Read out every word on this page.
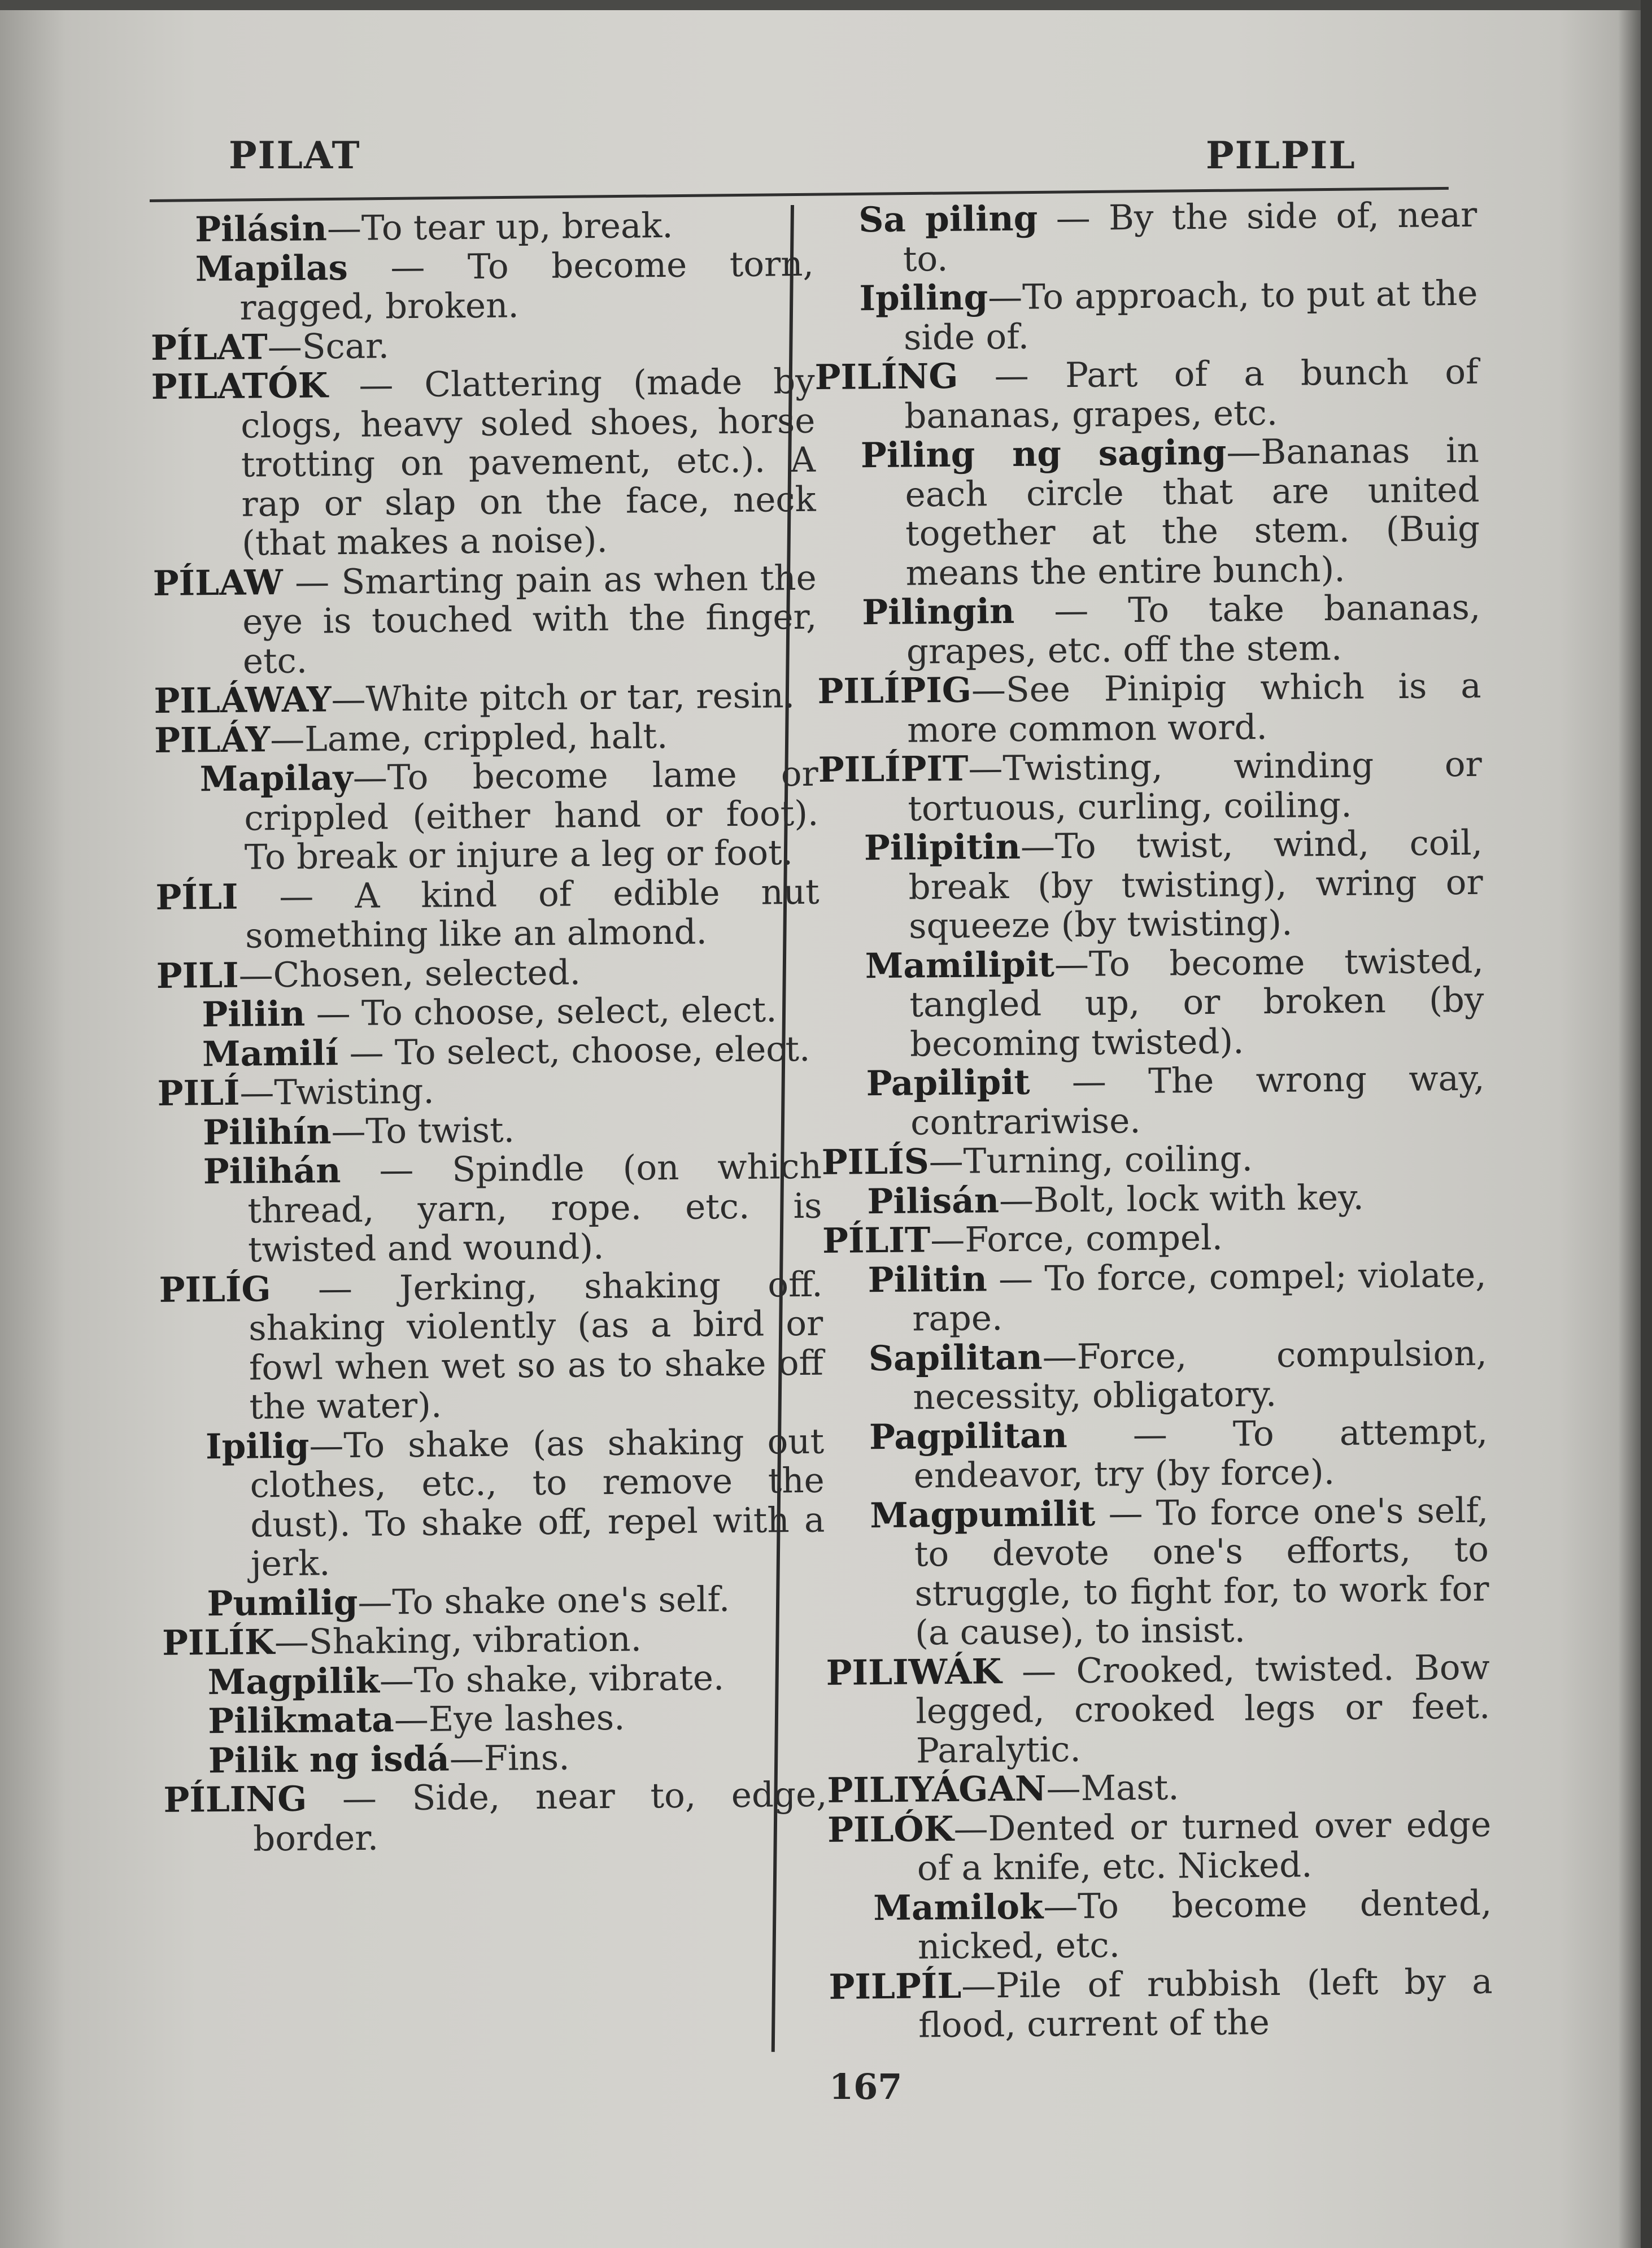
PILAT	PILPIL

Pilásin—To tear up, break.

Mapilas — To become torn, ragged, broken.

PÍLAT—Scar.

PILATÓK — Clattering (made by clogs, heavy soled shoes, horse trotting on pavement, etc.). A rap or slap on the face, neck (that makes a noise).

PÍLAW — Smarting pain as when the eye is touched with the finger, etc.

PILÁWAY—White pitch or tar, resin.

PILÁY—Lame, crippled, halt.

Mapilay—To become lame or crippled (either hand or foot). To break or injure a leg or foot.

PÍLI — A kind of edible nut something like an almond.

PILI—Chosen, selected.

Piliin — To choose, select, elect.

Mamilí — To select, choose, elect.

PILÍ—Twisting.

Pilihín—To twist.

Pilihán — Spindle (on which thread, yarn, rope. etc. is twisted and wound).

PILÍG — Jerking, shaking off. shaking violently (as a bird or fowl when wet so as to shake off the water).

Ipilig—To shake (as shaking out clothes, etc., to remove the dust). To shake off, repel with a jerk.

Pumilig—To shake one's self.

PILÍK—Shaking, vibration.

Magpilik—To shake, vibrate.

Pilikmata—Eye lashes.

Pilik ng isdá—Fins.

PÍLING — Side, near to, edge, border.

Sa piling — By the side of, near to.

Ipiling—To approach, to put at the side of.

PILÍNG — Part of a bunch of bananas, grapes, etc.

Piling ng saging—Bananas in each circle that are united together at the stem. (Buig means the entire bunch).

Pilingin — To take bananas, grapes, etc. off the stem.

PILÍPIG—See Pinipig which is a more common word.

PILÍPIT—Twisting, winding or tortuous, curling, coiling.

Pilipitin—To twist, wind, coil, break (by twisting), wring or squeeze (by twisting).

Mamilipit—To become twisted, tangled up, or broken (by becoming twisted).

Papilipit — The wrong way, contrariwise.

PILÍS—Turning, coiling.

Pilisán—Bolt, lock with key.

PÍLIT—Force, compel.

Pilitin — To force, compel; violate, rape.

Sapilitan—Force, compulsion, necessity, obligatory.

Pagpilitan — To attempt, endeavor, try (by force).

Magpumilit — To force one's self, to devote one's efforts, to struggle, to fight for, to work for (a cause), to insist.

PILIWÁK — Crooked, twisted. Bow legged, crooked legs or feet. Paralytic.

PILIYÁGAN—Mast.

PILÓK—Dented or turned over edge of a knife, etc. Nicked.

Mamilok—To become dented, nicked, etc.

PILPÍL—Pile of rubbish (left by a flood, current of the

167
